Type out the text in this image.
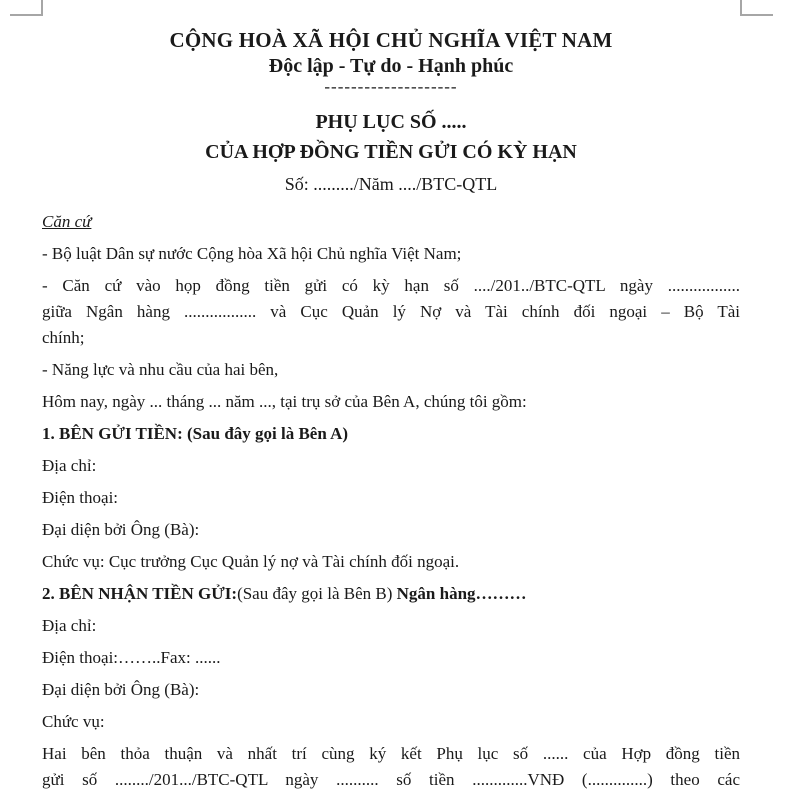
CỘNG HOÀ XÃ HỘI CHỦ NGHĨA VIỆT NAM
Độc lập - Tự do - Hạnh phúc
--------------------
PHỤ LỤC SỐ .....
CỦA HỢP ĐỒNG TIỀN GỬI CÓ KỲ HẠN
Số: ........./Năm ..../BTC-QTL
Căn cứ
- Bộ luật Dân sự nước Cộng hòa Xã hội Chủ nghĩa Việt Nam;
- Căn cứ vào họp đồng tiền gửi có kỳ hạn số ..../201../BTC-QTL ngày .................
giữa Ngân hàng ................. và Cục Quản lý Nợ và Tài chính đối ngoại – Bộ Tài
chính;
- Năng lực và nhu cầu của hai bên,
Hôm nay, ngày ... tháng ... năm ..., tại trụ sở của Bên A, chúng tôi gồm:
1. BÊN GỬI TIỀN: (Sau đây gọi là Bên A)
Địa chỉ:
Điện thoại:
Đại diện bởi Ông (Bà):
Chức vụ: Cục trưởng Cục Quản lý nợ và Tài chính đối ngoại.
2. BÊN NHẬN TIỀN GỬI:(Sau đây gọi là Bên B) Ngân hàng………
Địa chỉ:
Điện thoại:……..Fax: ......
Đại diện bởi Ông (Bà):
Chức vụ:
Hai bên thỏa thuận và nhất trí cùng ký kết Phụ lục số ...... của Hợp đồng tiền
gửi số ......../201.../BTC-QTL ngày .......... số tiền .............VNĐ (..............) theo các
